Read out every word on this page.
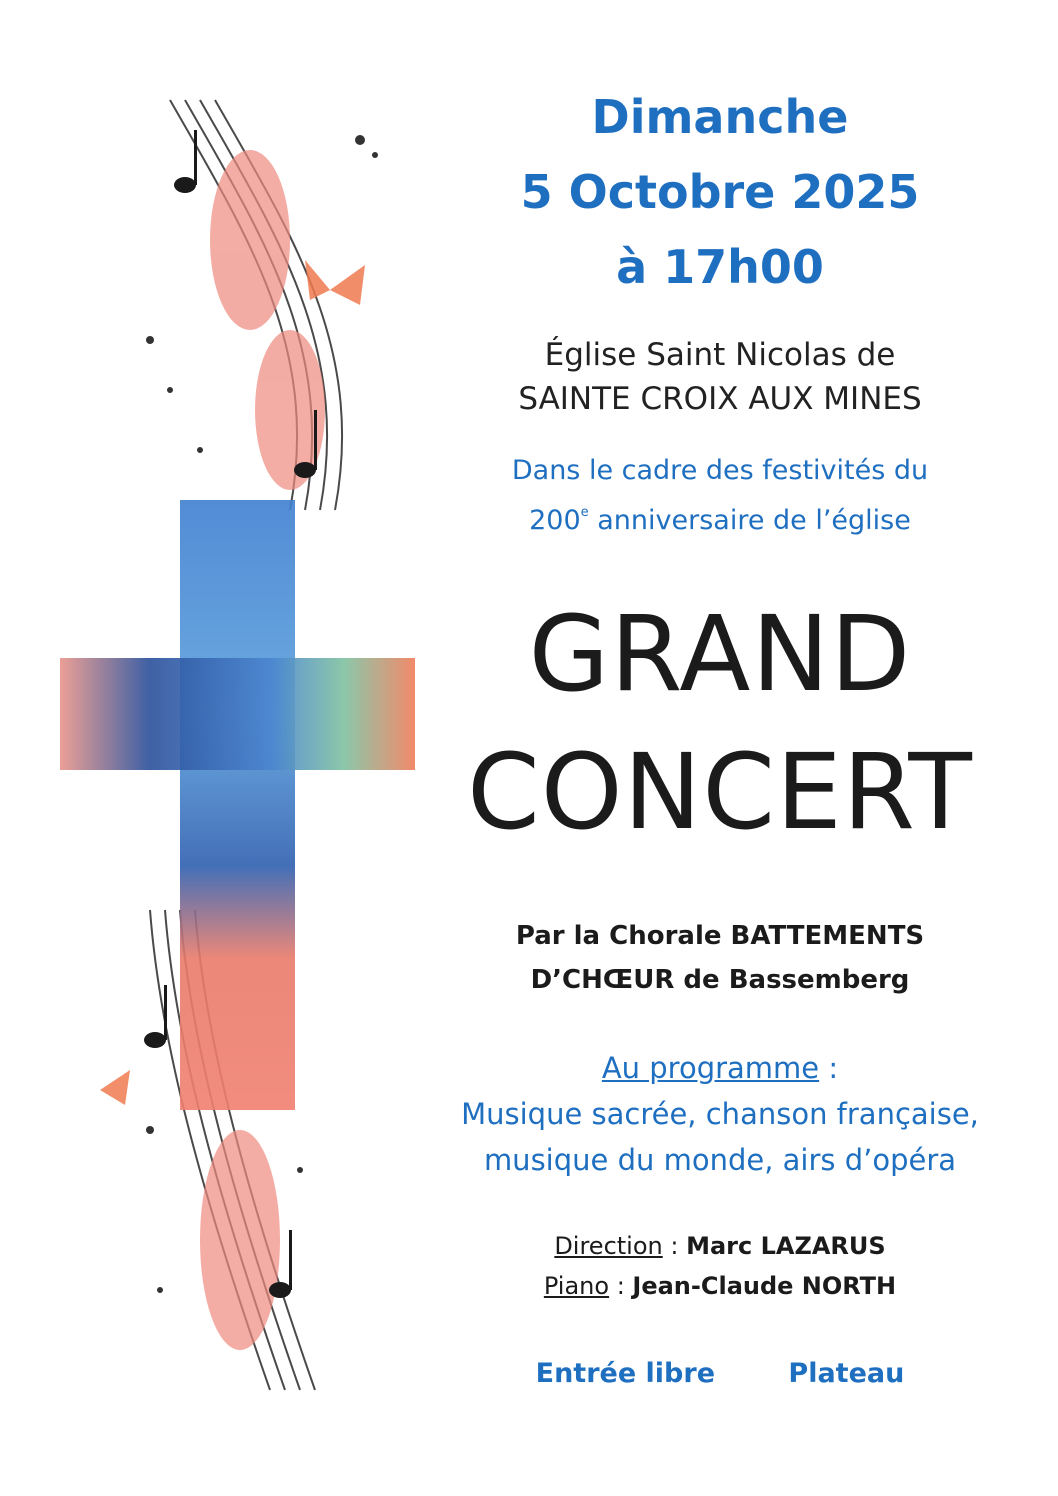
Dimanche
5 Octobre 2025
à 17h00
Église Saint Nicolas de
SAINTE CROIX AUX MINES
Dans le cadre des festivités du
200e anniversaire de l’église
GRAND
CONCERT
Par la Chorale BATTEMENTS
D’CHŒUR de Bassemberg
Au programme :
Musique sacrée, chanson française,
musique du monde, airs d’opéra
Direction : Marc LAZARUS
Piano : Jean-Claude NORTH
Entrée libre	Plateau
